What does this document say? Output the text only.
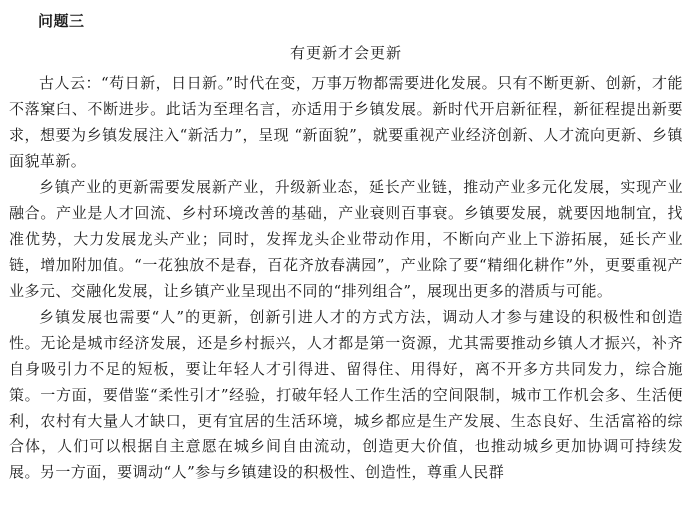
问题三
有更新才会更新

古人云：“苟日新，日日新。”时代在变，万事万物都需要进化发展。只有不断更新、创新，才能不落窠臼、不断进步。此话为至理名言，亦适用于乡镇发展。新时代开启新征程，新征程提出新要求，想要为乡镇发展注入“新活力”，呈现 “新面貌”，就要重视产业经济创新、人才流向更新、乡镇面貌革新。

乡镇产业的更新需要发展新产业，升级新业态，延长产业链，推动产业多元化发展，实现产业融合。产业是人才回流、乡村环境改善的基础，产业衰则百事衰。乡镇要发展，就要因地制宜，找准优势，大力发展龙头产业；同时，发挥龙头企业带动作用，不断向产业上下游拓展，延长产业链，增加附加值。“一花独放不是春，百花齐放春满园”，产业除了要“精细化耕作”外，更要重视产业多元、交融化发展，让乡镇产业呈现出不同的“排列组合”，展现出更多的潜质与可能。

乡镇发展也需要“人”的更新，创新引进人才的方式方法，调动人才参与建设的积极性和创造性。无论是城市经济发展，还是乡村振兴，人才都是第一资源，尤其需要推动乡镇人才振兴，补齐自身吸引力不足的短板，要让年轻人才引得进、留得住、用得好，离不开多方共同发力，综合施策。一方面，要借鉴“柔性引才”经验，打破年轻人工作生活的空间限制，城市工作机会多、生活便利，农村有大量人才缺口，更有宜居的生活环境，城乡都应是生产发展、生态良好、生活富裕的综合体，人们可以根据自主意愿在城乡间自由流动，创造更大价值，也推动城乡更加协调可持续发展。另一方面，要调动“人”参与乡镇建设的积极性、创造性，尊重人民群
